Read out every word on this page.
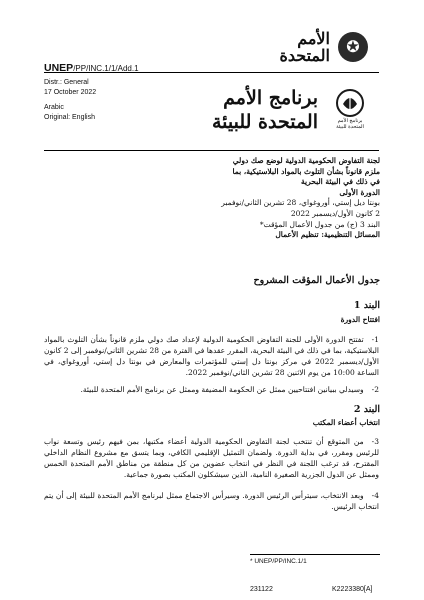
✪
الأمم
المتحدة
UNEP/PP/INC.1/1/Add.1
Distr.: General
17 October 2022
Arabic
Original: English
برنامج الأمم
المتحدة للبيئة	برنامج الأمم
المتحدة للبيئة
لجنة التفاوض الحكومية الدولية لوضع صك دولي
ملزم قانوناً بشأن التلوث بالمواد البلاستيكية، بما
في ذلك في البيئة البحرية
الدورة الأولى
بونتا ديل إستي، أوروغواي، 28 تشرين الثاني/نوفمبر
2 كانون الأول/ديسمبر 2022
البند 3 (ج) من جدول الأعمال المؤقت*
المسائل التنظيمية: تنظيم الأعمال
جدول الأعمال المؤقت المشروح
البند 1
افتتاح الدورة
1-تفتتح الدورة الأولى للجنة التفاوض الحكومية الدولية لإعداد صك دولي ملزم قانوناً بشأن التلوث بالمواد البلاستيكية، بما في ذلك في البيئة البحرية، المقرر عقدها في الفترة من 28 تشرين الثاني/نوفمبر إلى 2 كانون الأول/ديسمبر 2022 في مركز بونتا دل إستي للمؤتمرات والمعارض في بونتا دل إستي، أوروغواي، في الساعة 10:00 من يوم الاثنين 28 تشرين الثاني/نوفمبر 2022.
2-وسيدلي ببيانين افتتاحيين ممثل عن الحكومة المضيفة وممثل عن برنامج الأمم المتحدة للبيئة.
البند 2
انتخاب أعضاء المكتب
3-من المتوقع أن تنتخب لجنة التفاوض الحكومية الدولية أعضاء مكتبها، بمن فيهم رئيس وتسعة نواب للرئيس ومقرر، في بداية الدورة. ولضمان التمثيل الإقليمي الكافي، وبما يتسق مع مشروع النظام الداخلي المقترح، قد ترغب اللجنة في النظر في انتخاب عضوين من كل منطقة من مناطق الأمم المتحدة الخمس وممثل عن الدول الجزرية الصغيرة النامية، الذين سيشكلون المكتب بصورة جماعية.
4-وبعد الانتخاب، سيترأس الرئيس الدورة. وسيرأس الاجتماع ممثل لبرنامج الأمم المتحدة للبيئة إلى أن يتم انتخاب الرئيس.
* UNEP/PP/INC.1/1
231122	K2223380[A]
